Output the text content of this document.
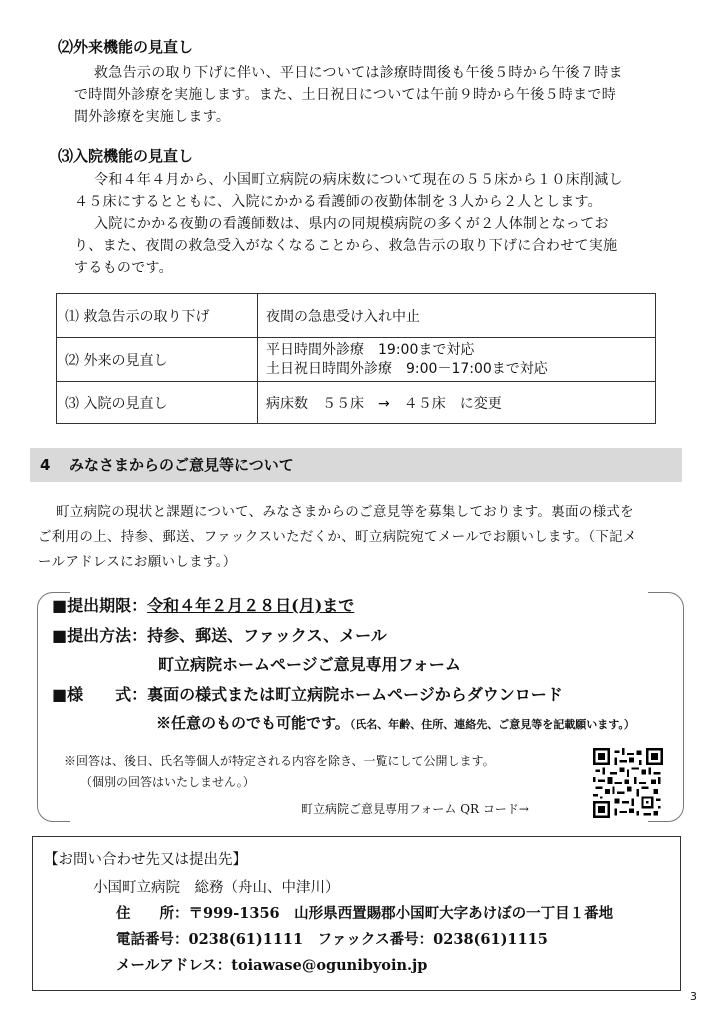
⑵外来機能の見直し
救急告示の取り下げに伴い、平日については診療時間後も午後５時から午後７時ま
で時間外診療を実施します。また、土日祝日については午前９時から午後５時まで時
間外診療を実施します。
⑶入院機能の見直し
令和４年４月から、小国町立病院の病床数について現在の５５床から１０床削減し
４５床にするとともに、入院にかかる看護師の夜勤体制を３人から２人とします。
入院にかかる夜勤の看護師数は、県内の同規模病院の多くが２人体制となってお
り、また、夜間の救急受入がなくなることから、救急告示の取り下げに合わせて実施
するものです。
⑴ 救急告示の取り下げ	夜間の急患受け入れ中止
⑵ 外来の見直し	平日時間外診療　19:00まで対応
土日祝日時間外診療　9:00－17:00まで対応

⑶ 入院の見直し	病床数　５５床　→　４５床　に変更
4 みなさまからのご意見等について
町立病院の現状と課題について、みなさまからのご意見等を募集しております。裏面の様式を
ご利用の上、持参、郵送、ファックスいただくか、町立病院宛てメールでお願いします。（下記メ
ールアドレスにお願いします。）
■提出期限：令和４年２月２８日(月)まで
■提出方法：持参、郵送、ファックス、メール
町立病院ホームページご意見専用フォーム
■様　　式：裏面の様式または町立病院ホームページからダウンロード
※任意のものでも可能です。（氏名、年齢、住所、連絡先、ご意見等を記載願います。）
※回答は、後日、氏名等個人が特定される内容を除き、一覧にして公開します。
（個別の回答はいたしません。）
町立病院ご意見専用フォーム QR コード→
【お問い合わせ先又は提出先】
小国町立病院　総務（舟山、中津川）
住　　所：〒999-1356　山形県西置賜郡小国町大字あけぼの一丁目１番地
電話番号：0238(61)1111　ファックス番号：0238(61)1115
メールアドレス：toiawase@ogunibyoin.jp
3
